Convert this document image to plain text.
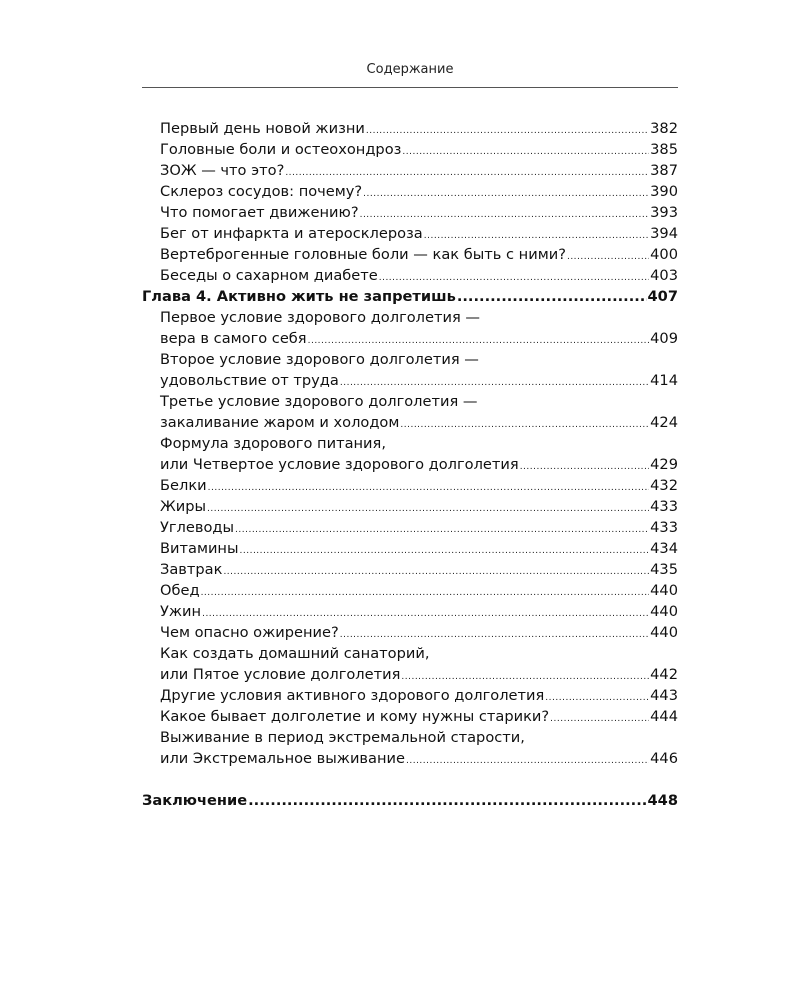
Содержание
Первый день новой жизни .....	382
Головные боли и остеохондроз .....	385
ЗОЖ — что это? .....	387
Склероз сосудов: почему? .....	390
Что помогает движению? .....	393
Бег от инфаркта и атеросклероза .....	394
Вертеброгенные головные боли — как быть с ними? .....	400
Беседы о сахарном диабете .....	403
Глава 4. Активно жить не запретишь .....	407
Первое условие здорового долголетия —
вера в самого себя .....	409
Второе условие здорового долголетия —
удовольствие от труда .....	414
Третье условие здорового долголетия —
закаливание жаром и холодом .....	424
Формула здорового питания,
или Четвертое условие здорового долголетия .....	429
Белки .....	432
Жиры .....	433
Углеводы .....	433
Витамины .....	434
Завтрак .....	435
Обед .....	440
Ужин .....	440
Чем опасно ожирение? .....	440
Как создать домашний санаторий,
или Пятое условие долголетия .....	442
Другие условия активного здорового долголетия .....	443
Какое бывает долголетие и кому нужны старики? .....	444
Выживание в период экстремальной старости,
или Экстремальное выживание .....	446
Заключение .....	448
